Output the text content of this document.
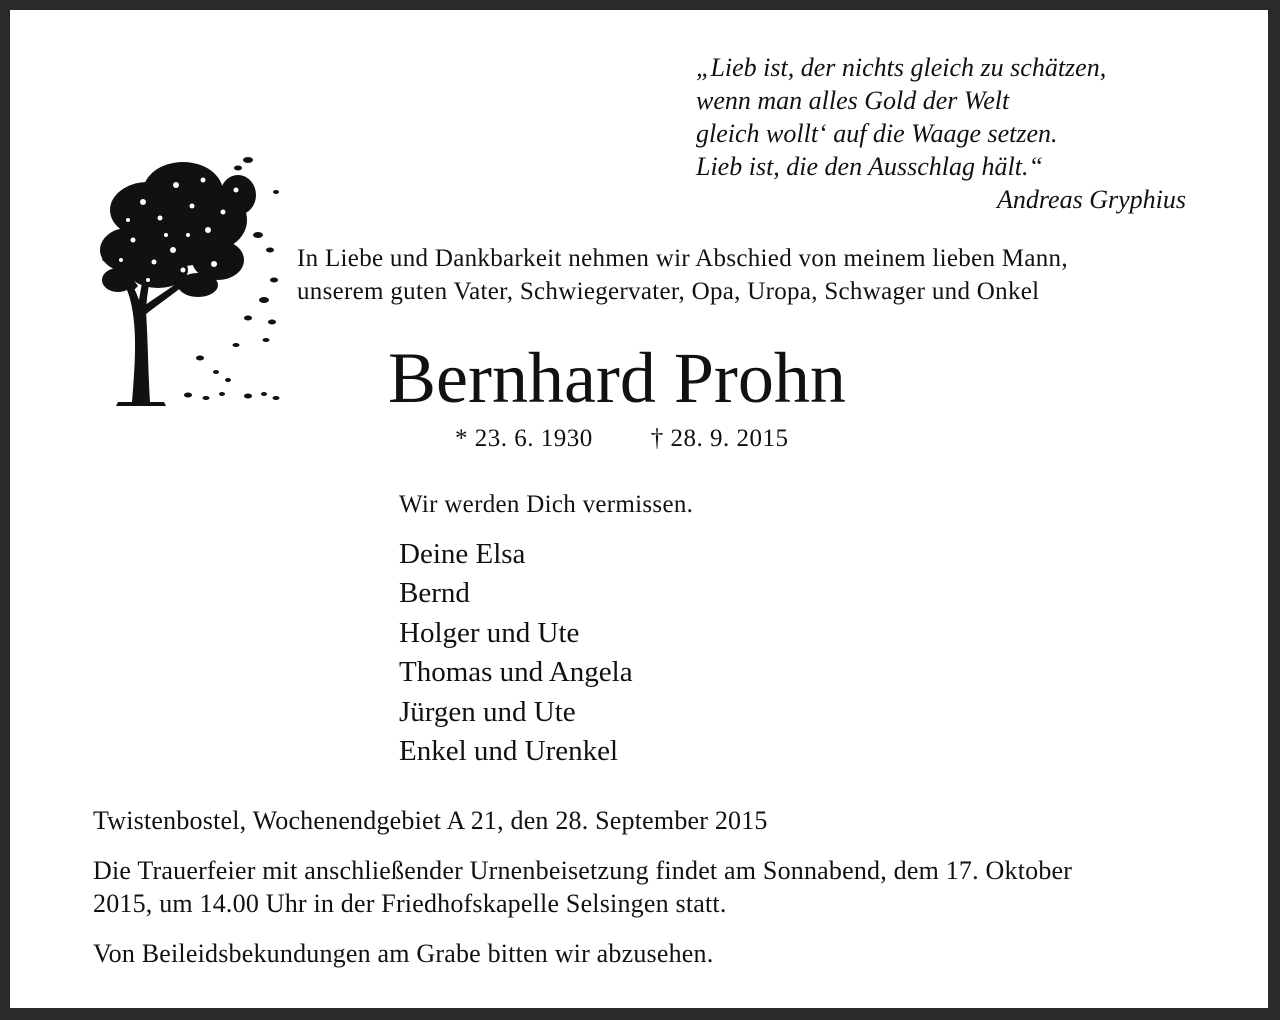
„Lieb ist, der nichts gleich zu schätzen,
wenn man alles Gold der Welt
gleich wollt‘ auf die Waage setzen.
Lieb ist, die den Ausschlag hält.“
Andreas Gryphius
In Liebe und Dankbarkeit nehmen wir Abschied von meinem lieben Mann,
unserem guten Vater, Schwiegervater, Opa, Uropa, Schwager und Onkel
Bernhard Prohn
* 23. 6. 1930 † 28. 9. 2015
Wir werden Dich vermissen.
Deine Elsa
Bernd
Holger und Ute
Thomas und Angela
Jürgen und Ute
Enkel und Urenkel
Twistenbostel, Wochenendgebiet A 21, den 28. September 2015
Die Trauerfeier mit anschließender Urnenbeisetzung findet am Sonnabend, dem 17. Oktober
2015, um 14.00 Uhr in der Friedhofskapelle Selsingen statt.
Von Beileidsbekundungen am Grabe bitten wir abzusehen.
